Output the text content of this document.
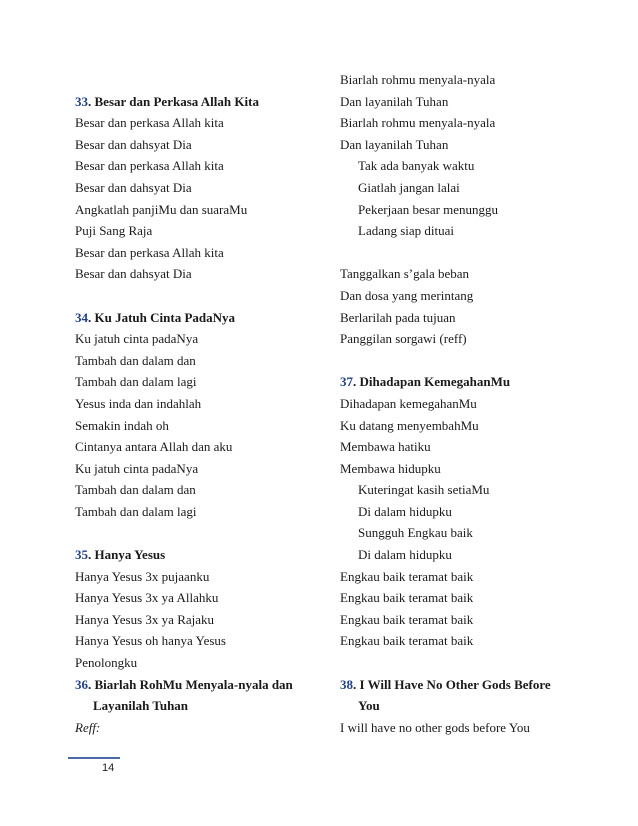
33. Besar dan Perkasa Allah Kita
Besar dan perkasa Allah kita
Besar dan dahsyat Dia
Besar dan perkasa Allah kita
Besar dan dahsyat Dia
Angkatlah panjiMu dan suaraMu
Puji Sang Raja
Besar dan perkasa Allah kita
Besar dan dahsyat Dia
34. Ku Jatuh Cinta PadaNya
Ku jatuh cinta padaNya
Tambah dan dalam dan
Tambah dan dalam lagi
Yesus inda dan indahlah
Semakin indah oh
Cintanya antara Allah dan aku
Ku jatuh cinta padaNya
Tambah dan dalam dan
Tambah dan dalam lagi
35. Hanya Yesus
Hanya Yesus 3x pujaanku
Hanya Yesus 3x ya Allahku
Hanya Yesus 3x ya Rajaku
Hanya Yesus oh hanya Yesus
Penolongku
36. Biarlah RohMu Menyala-nyala dan
Layanilah Tuhan
Reff:
Biarlah rohmu menyala-nyala
Dan layanilah Tuhan
Biarlah rohmu menyala-nyala
Dan layanilah Tuhan
Tak ada banyak waktu
Giatlah jangan lalai
Pekerjaan besar menunggu
Ladang siap dituai
Tanggalkan s’gala beban
Dan dosa yang merintang
Berlarilah pada tujuan
Panggilan sorgawi (reff)
37. Dihadapan KemegahanMu
Dihadapan kemegahanMu
Ku datang menyembahMu
Membawa hatiku
Membawa hidupku
Kuteringat kasih setiaMu
Di dalam hidupku
Sungguh Engkau baik
Di dalam hidupku
Engkau baik teramat baik
Engkau baik teramat baik
Engkau baik teramat baik
Engkau baik teramat baik
38. I Will Have No Other Gods Before
You
I will have no other gods before You
14
